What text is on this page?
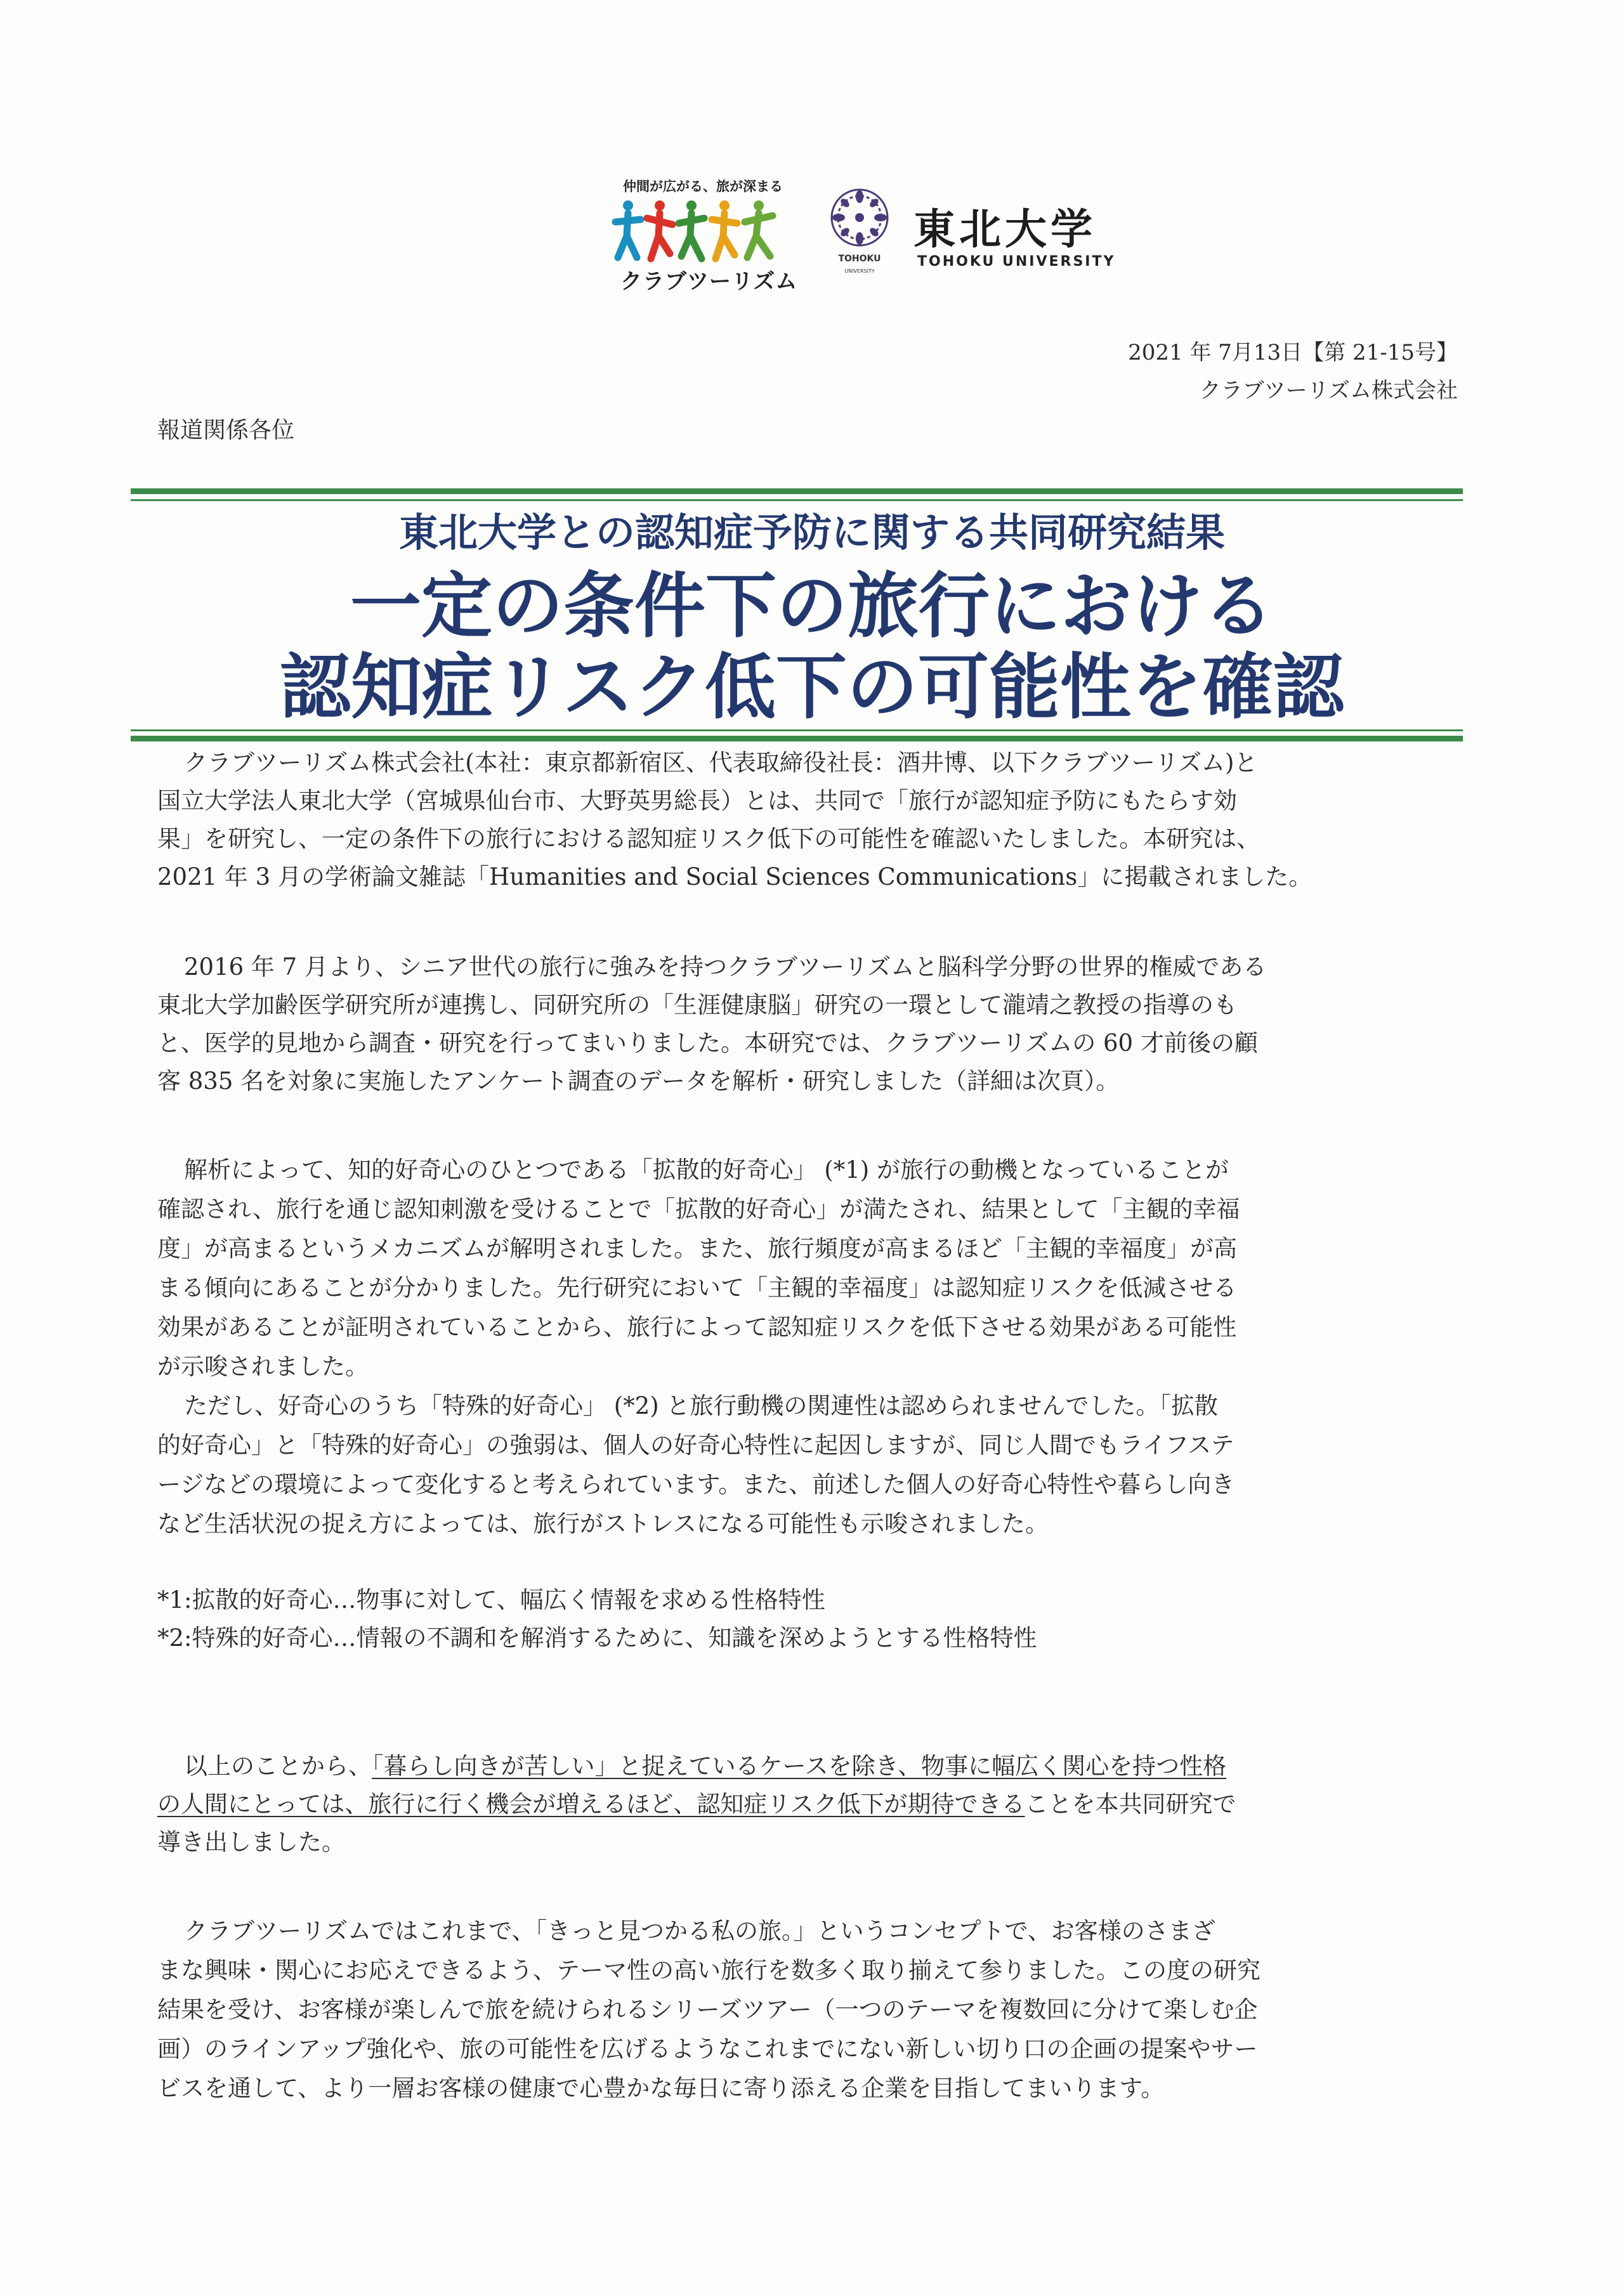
仲間が広がる、旅が深まる
クラブツーリズム
TOHOKU
UNIVERSITY
東北大学
TOHOKU UNIVERSITY
2021 年 7月13日【第 21-15号】
クラブツーリズム株式会社
報道関係各位
東北大学との認知症予防に関する共同研究結果
一定の条件下の旅行における
認知症リスク低下の可能性を確認
クラブツーリズム株式会社(本社：東京都新宿区、代表取締役社長：酒井博、以下クラブツーリズム)と
国立大学法人東北大学（宮城県仙台市、大野英男総長）とは、共同で「旅行が認知症予防にもたらす効
果」を研究し、一定の条件下の旅行における認知症リスク低下の可能性を確認いたしました。本研究は、
2021 年 3 月の学術論文雑誌「Humanities and Social Sciences Communications」に掲載されました。
2016 年 7 月より、シニア世代の旅行に強みを持つクラブツーリズムと脳科学分野の世界的権威である
東北大学加齢医学研究所が連携し、同研究所の「生涯健康脳」研究の一環として瀧靖之教授の指導のも
と、医学的見地から調査・研究を行ってまいりました。本研究では、クラブツーリズムの 60 才前後の顧
客 835 名を対象に実施したアンケート調査のデータを解析・研究しました（詳細は次頁）。
解析によって、知的好奇心のひとつである「拡散的好奇心」 (*1) が旅行の動機となっていることが
確認され、旅行を通じ認知刺激を受けることで「拡散的好奇心」が満たされ、結果として「主観的幸福
度」が高まるというメカニズムが解明されました。また、旅行頻度が高まるほど「主観的幸福度」が高
まる傾向にあることが分かりました。先行研究において「主観的幸福度」は認知症リスクを低減させる
効果があることが証明されていることから、旅行によって認知症リスクを低下させる効果がある可能性
が示唆されました。
ただし、好奇心のうち「特殊的好奇心」 (*2) と旅行動機の関連性は認められませんでした。「拡散
的好奇心」と「特殊的好奇心」の強弱は、個人の好奇心特性に起因しますが、同じ人間でもライフステ
ージなどの環境によって変化すると考えられています。また、前述した個人の好奇心特性や暮らし向き
など生活状況の捉え方によっては、旅行がストレスになる可能性も示唆されました。
*1:拡散的好奇心…物事に対して、幅広く情報を求める性格特性
*2:特殊的好奇心…情報の不調和を解消するために、知識を深めようとする性格特性
以上のことから、「暮らし向きが苦しい」と捉えているケースを除き、物事に幅広く関心を持つ性格
の人間にとっては、旅行に行く機会が増えるほど、認知症リスク低下が期待できることを本共同研究で
導き出しました。
クラブツーリズムではこれまで、「きっと見つかる私の旅。」というコンセプトで、お客様のさまざ
まな興味・関心にお応えできるよう、テーマ性の高い旅行を数多く取り揃えて参りました。この度の研究
結果を受け、お客様が楽しんで旅を続けられるシリーズツアー（一つのテーマを複数回に分けて楽しむ企
画）のラインアップ強化や、旅の可能性を広げるようなこれまでにない新しい切り口の企画の提案やサー
ビスを通して、より一層お客様の健康で心豊かな毎日に寄り添える企業を目指してまいります。
